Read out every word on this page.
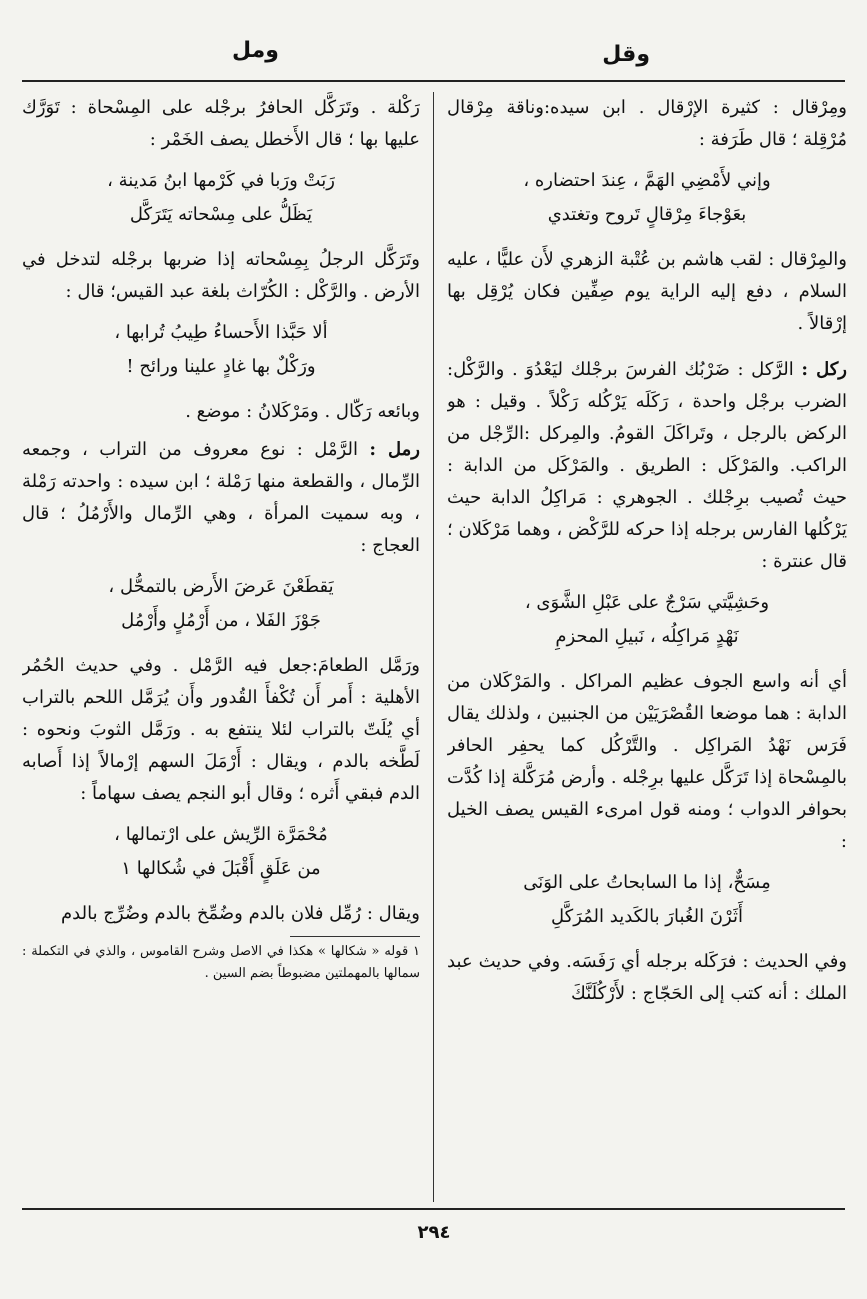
وقل
ومل

ومِرْقال : كثيرة الإرْقال . ابن سيده:وناقة مِرْقال مُرْقِلة ؛ قال طَرَفة :

وإني لأَمْضِي الهَمَّ ، عِندَ احتضاره ،
بعَوْجاءَ مِرْقالٍ تَروح وتغتدي

والمِرْقال : لقب هاشم بن عُتْبة الزهري لأَن عليًّا ، عليه السلام ، دفع إليه الراية يوم صِفِّين فكان يُرْقِل بها إرْقالاً .

ركل : الرَّكل : ضَرْبُك الفرسَ برجْلك ليَعْدُوَ . والرَّكْل: الضرب برجْل واحدة ، رَكَلَه يَرْكُله رَكْلاً . وقيل : هو الركض بالرجل ، وتَراكَلَ القومُ. والمِركل :الرِّجْل من الراكب. والمَرْكَل : الطريق . والمَرْكَل من الدابة : حيث تُصيب برِجْلك . الجوهري : مَراكِلُ الدابة حيث يَرْكُلها الفارس برجله إذا حركه للرَّكْض ، وهما مَرْكَلان ؛ قال عنترة :

وحَشِيَّتي سَرْجٌ على عَبْلِ الشَّوَى ،
نَهْدٍ مَراكِلُه ، نَبيلِ المحزمِ

أي أنه واسع الجوف عظيم المراكل . والمَرْكَلان من الدابة : هما موضعا القُصْرَيَيْن من الجنبين ، ولذلك يقال فَرَس نَهْدُ المَراكِل . والتَّرْكُل كما يحفِر الحافر بالمِسْحاة إذا تَرَكَّل عليها برِجْله . وأرض مُرَكَّلة إذا كُدَّت بحوافر الدواب ؛ ومنه قول امرىء القيس يصف الخيل :

مِسَحٌّ، إذا ما السابحاتُ على الوَنَى
أَثَرْنَ الغُبارَ بالكَديد المُرَكَّلِ

وفي الحديث : فرَكَله برجله أي رَفَسَه. وفي حديث عبد الملك : أنه كتب إلى الحَجّاج : لأَرْكُلَنَّكَ

رَكْلة . وتَرَكَّل الحافرُ برجْله على المِسْحاة : تَوَرَّك عليها بها ؛ قال الأَخطل يصف الخَمْر :

رَبَتْ ورَبا في كَرْمها ابنُ مَدينة ،
يَظَلُّ على مِسْحاته يَتَرَكَّل

وتَرَكَّل الرجلُ بِمِسْحاته إذا ضربها برجْله لتدخل في الأرض . والرَّكْل : الكُرّاث بلغة عبد القيس؛ قال :

ألا حَبَّذا الأَحساءُ طِيبُ تُرابها ،
ورَكْلٌ بها غادٍ علينا ورائح !

وبائعه رَكّال . ومَرْكَلانُ : موضع .

رمل : الرَّمْل : نوع معروف من التراب ، وجمعه الرِّمال ، والقطعة منها رَمْلة ؛ ابن سيده : واحدته رَمْلة ، وبه سميت المرأة ، وهي الرِّمال والأَرْمُلُ ؛ قال العجاج :

يَقطَعْنَ عَرضَ الأَرض بالتمحُّل ،
جَوْزَ الفَلا ، من أَرْمُلٍ وأَرْمُل

ورَمَّل الطعامَ:جعل فيه الرَّمْل . وفي حديث الحُمُر الأهلية : أَمر أَن تُكْفأَ القُدور وأَن يُرَمَّل اللحم بالتراب أي يُلَتّ بالتراب لئلا ينتفع به . ورَمَّل الثوبَ ونحوه : لَطَّخه بالدم ، ويقال : أَرْمَلَ السهم إرْمالاً إذا أَصابه الدم فبقي أَثره ؛ وقال أبو النجم يصف سهاماً :

مُحْمَرَّة الرِّيش على ارْتمالها ،
من عَلَقٍ أَقْبَلَ في شُكالها ١

ويقال : رُمِّل فلان بالدم وضُمِّخ بالدم وضُرِّج بالدم

١ قوله « شكالها » هكذا في الاصل وشرح القاموس ، والذي في التكملة : سمالها بالمهملتين مضبوطاً بضم السين .

٢٩٤
